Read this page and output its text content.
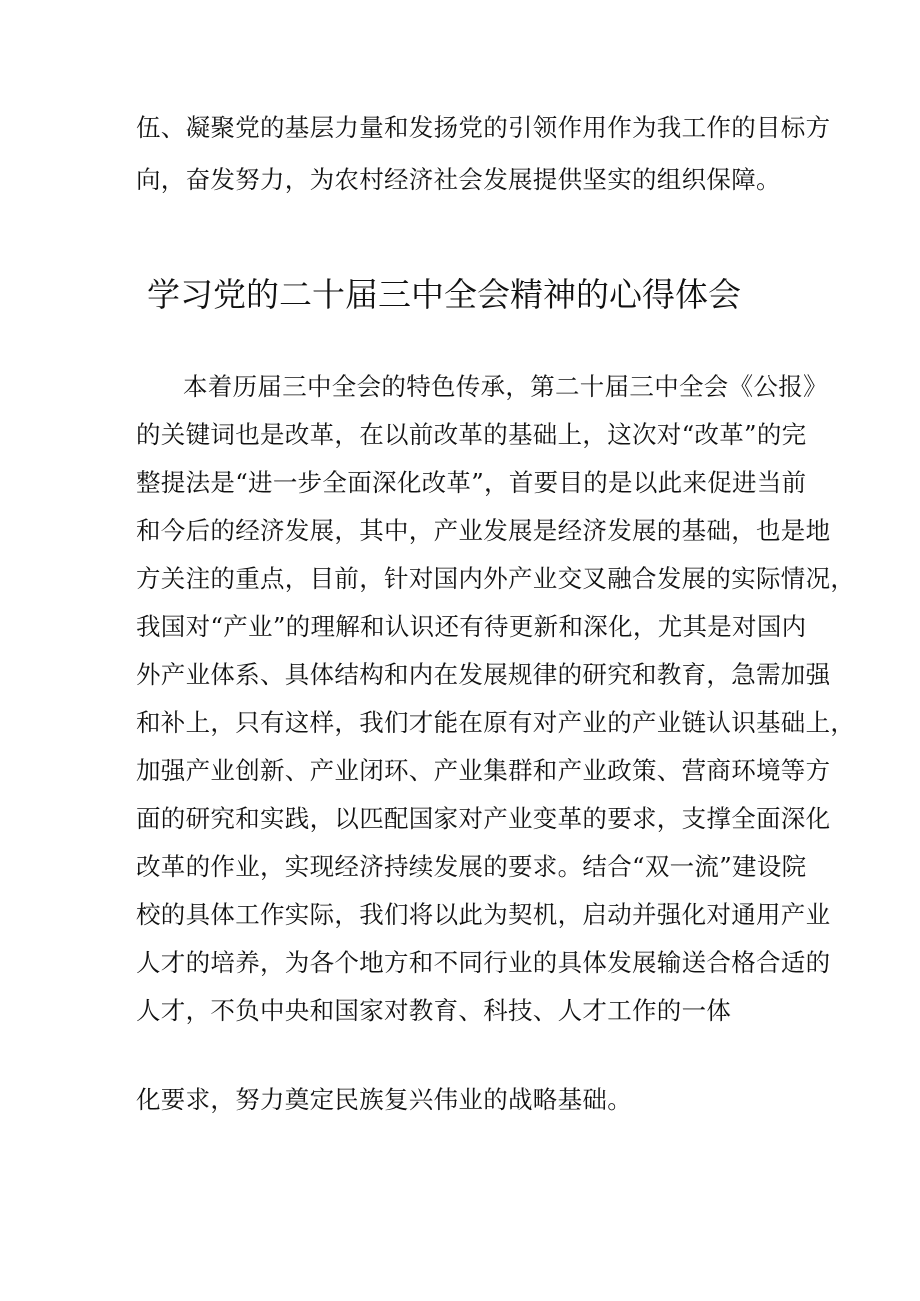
伍、凝聚党的基层力量和发扬党的引领作用作为我工作的目标方
向，奋发努力，为农村经济社会发展提供坚实的组织保障。
学习党的二十届三中全会精神的心得体会
本着历届三中全会的特色传承，第二十届三中全会《公报》
的关键词也是改革，在以前改革的基础上，这次对“改革”的完
整提法是“进一步全面深化改革”，首要目的是以此来促进当前
和今后的经济发展，其中，产业发展是经济发展的基础，也是地
方关注的重点，目前，针对国内外产业交叉融合发展的实际情况，
我国对“产业”的理解和认识还有待更新和深化，尤其是对国内
外产业体系、具体结构和内在发展规律的研究和教育，急需加强
和补上，只有这样，我们才能在原有对产业的产业链认识基础上，
加强产业创新、产业闭环、产业集群和产业政策、营商环境等方
面的研究和实践，以匹配国家对产业变革的要求，支撑全面深化
改革的作业，实现经济持续发展的要求。结合“双一流”建设院
校的具体工作实际，我们将以此为契机，启动并强化对通用产业
人才的培养，为各个地方和不同行业的具体发展输送合格合适的
人才，不负中央和国家对教育、科技、人才工作的一体
化要求，努力奠定民族复兴伟业的战略基础。
